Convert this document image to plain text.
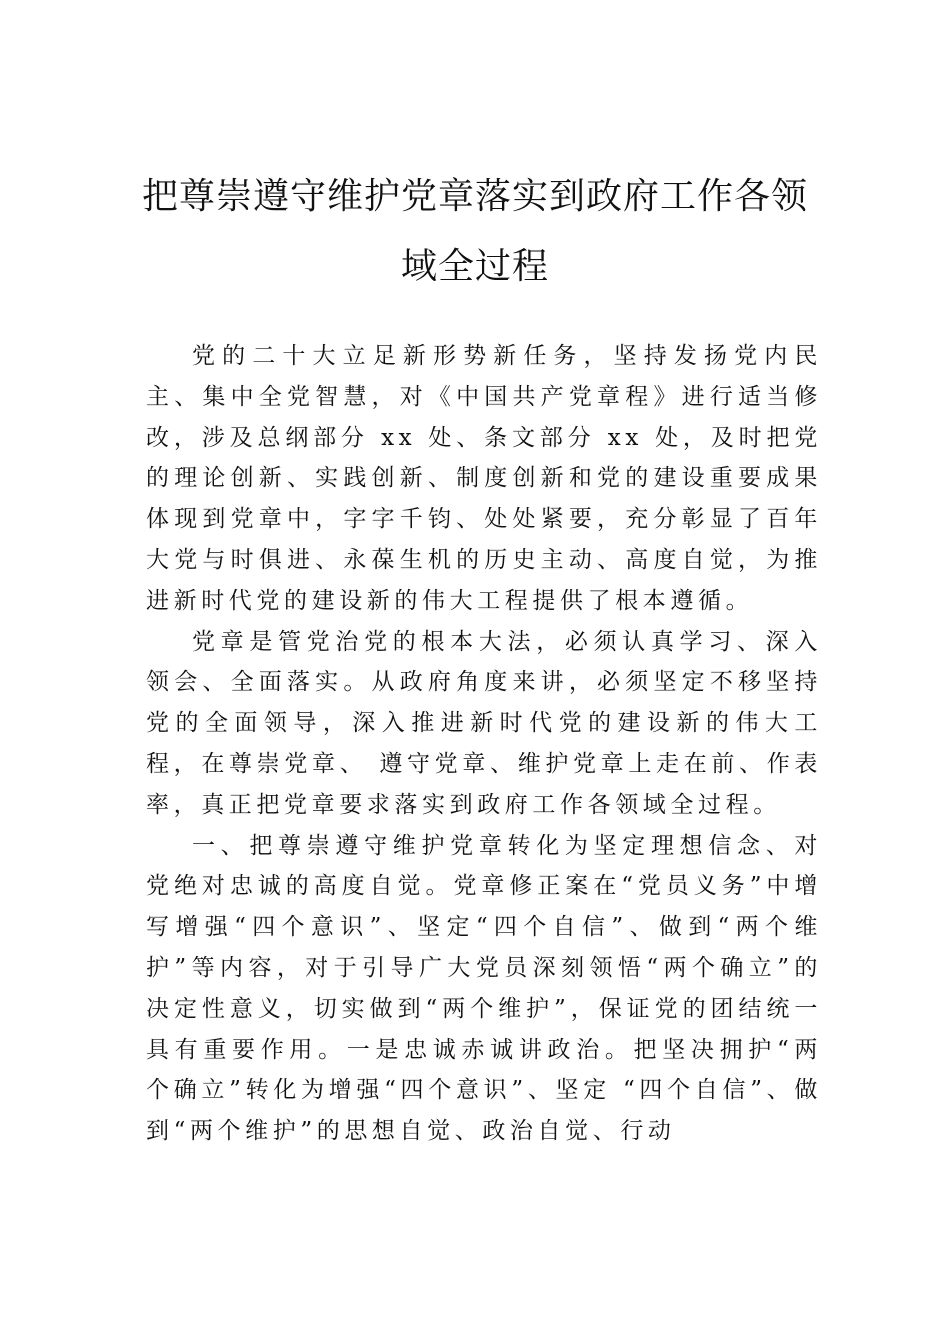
把尊崇遵守维护党章落实到政府工作各领
域全过程

党的二十大立足新形势新任务，坚持发扬党内民主、集中全党智慧，对《中国共产党章程》进行适当修改，涉及总纲部分 xx 处、条文部分 xx 处，及时把党的理论创新、实践创新、制度创新和党的建设重要成果体现到党章中，字字千钧、处处紧要，充分彰显了百年大党与时俱进、永葆生机的历史主动、高度自觉，为推进新时代党的建设新的伟大工程提供了根本遵循。

党章是管党治党的根本大法，必须认真学习、深入领会、全面落实。从政府角度来讲，必须坚定不移坚持党的全面领导，深入推进新时代党的建设新的伟大工程，在尊崇党章、 遵守党章、维护党章上走在前、作表率，真正把党章要求落实到政府工作各领域全过程。

一、把尊崇遵守维护党章转化为坚定理想信念、对党绝对忠诚的高度自觉。党章修正案在“党员义务”中增写增强“四个意识”、坚定“四个自信”、做到“两个维护”等内容，对于引导广大党员深刻领悟“两个确立”的决定性意义，切实做到“两个维护”，保证党的团结统一具有重要作用。一是忠诚赤诚讲政治。把坚决拥护“两个确立”转化为增强“四个意识”、坚定 “四个自信”、做到“两个维护”的思想自觉、政治自觉、行动
